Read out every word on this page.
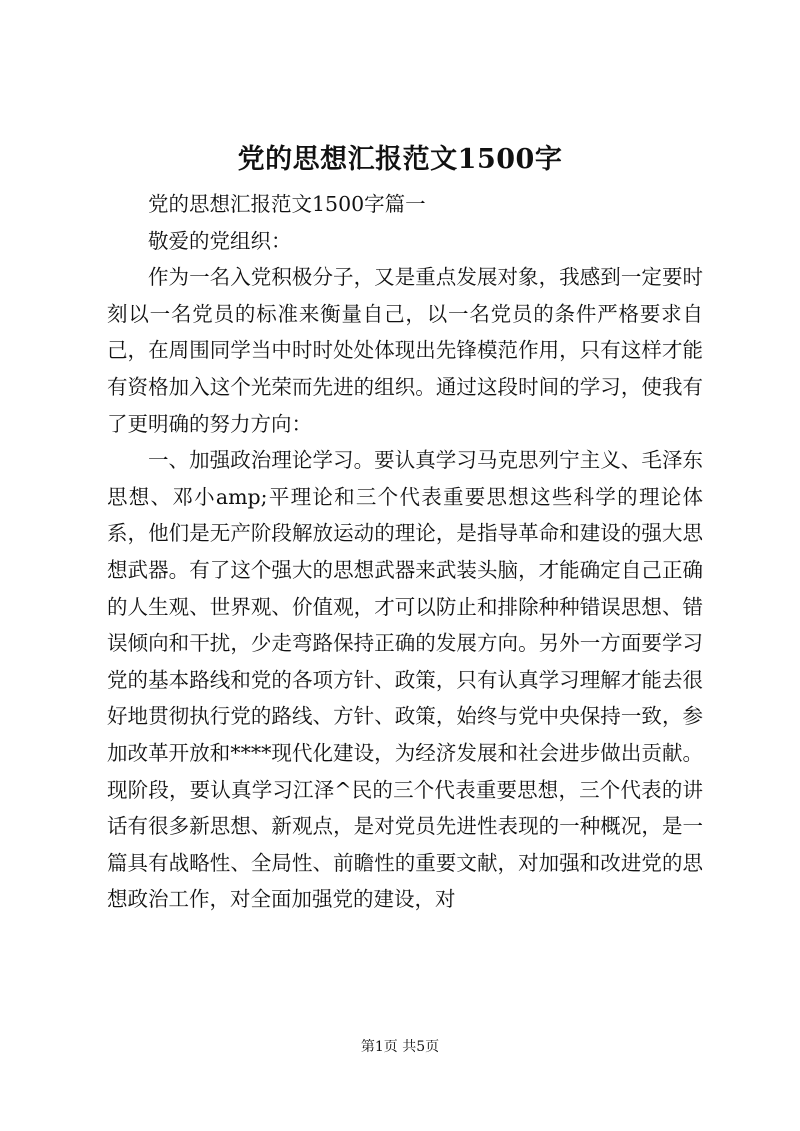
党的思想汇报范文1500字

党的思想汇报范文1500字篇一

敬爱的党组织：

作为一名入党积极分子，又是重点发展对象，我感到一定要时刻以一名党员的标准来衡量自己，以一名党员的条件严格要求自己，在周围同学当中时时处处体现出先锋模范作用，只有这样才能有资格加入这个光荣而先进的组织。通过这段时间的学习，使我有了更明确的努力方向：

一、加强政治理论学习。要认真学习马克思列宁主义、毛泽东思想、邓小amp;平理论和三个代表重要思想这些科学的理论体系，他们是无产阶段解放运动的理论，是指导革命和建设的强大思想武器。有了这个强大的思想武器来武装头脑，才能确定自己正确的人生观、世界观、价值观，才可以防止和排除种种错误思想、错误倾向和干扰，少走弯路保持正确的发展方向。另外一方面要学习党的基本路线和党的各项方针、政策，只有认真学习理解才能去很好地贯彻执行党的路线、方针、政策，始终与党中央保持一致，参加改革开放和****现代化建设，为经济发展和社会进步做出贡献。现阶段，要认真学习江泽^民的三个代表重要思想，三个代表的讲话有很多新思想、新观点，是对党员先进性表现的一种概况，是一篇具有战略性、全局性、前瞻性的重要文献，对加强和改进党的思想政治工作，对全面加强党的建设，对

第1页 共5页
